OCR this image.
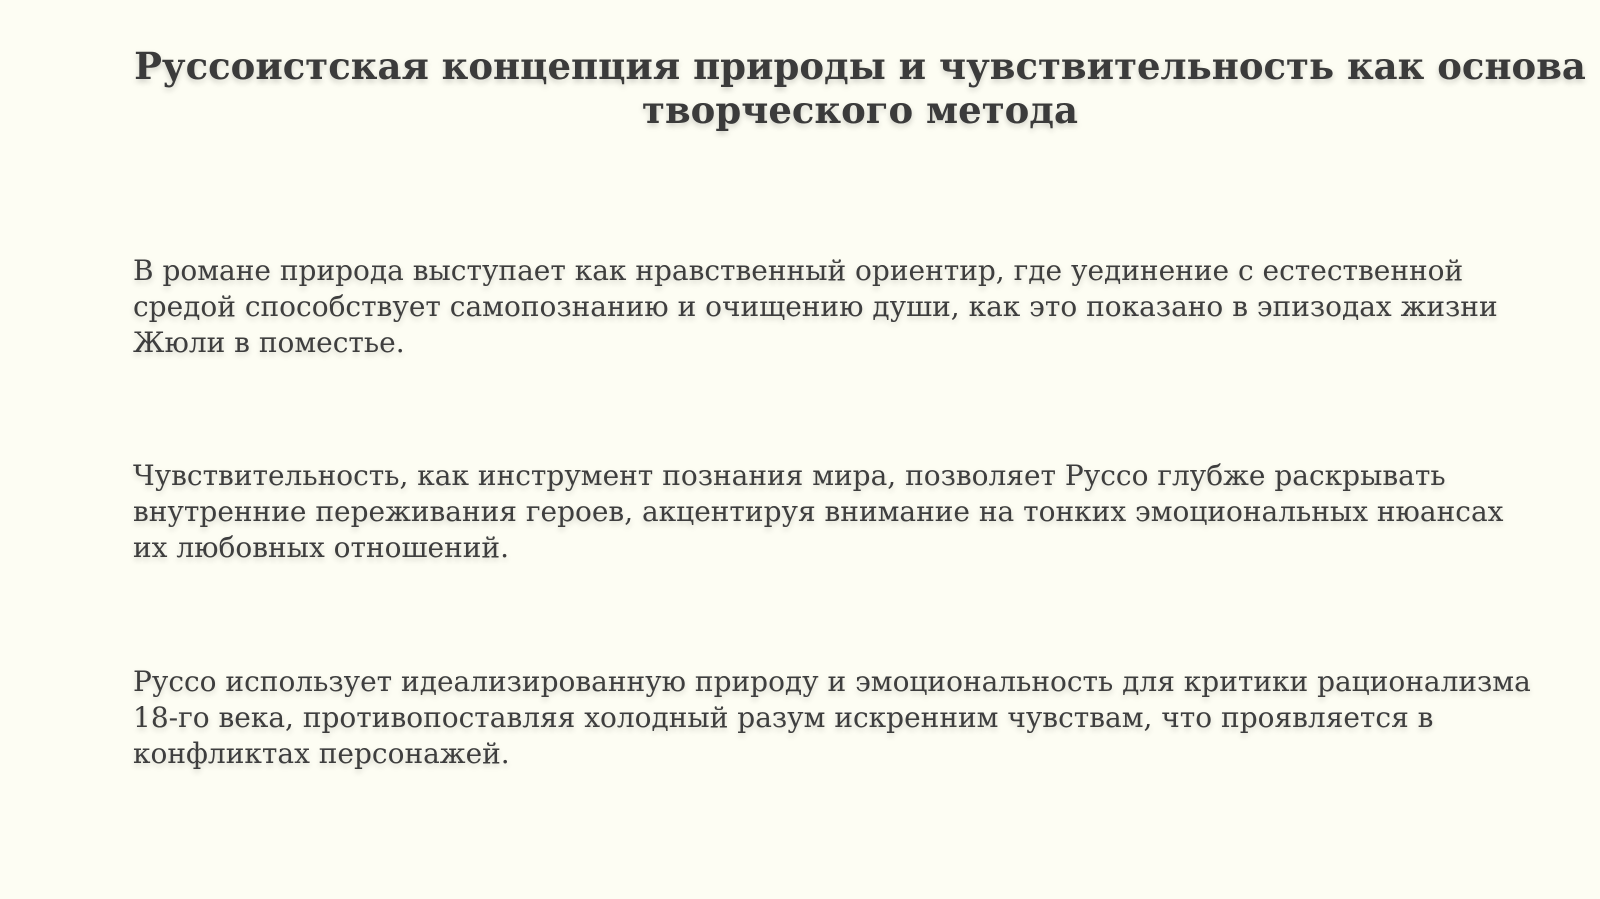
Руссоистская концепция природы и чувствительность как основа творческого метода

В романе природа выступает как нравственный ориентир, где уединение с естественной средой способствует самопознанию и очищению души, как это показано в эпизодах жизни Жюли в поместье.

Чувствительность, как инструмент познания мира, позволяет Руссо глубже раскрывать внутренние переживания героев, акцентируя внимание на тонких эмоциональных нюансах их любовных отношений.

Руссо использует идеализированную природу и эмоциональность для критики рационализма 18-го века, противопоставляя холодный разум искренним чувствам, что проявляется в конфликтах персонажей.
